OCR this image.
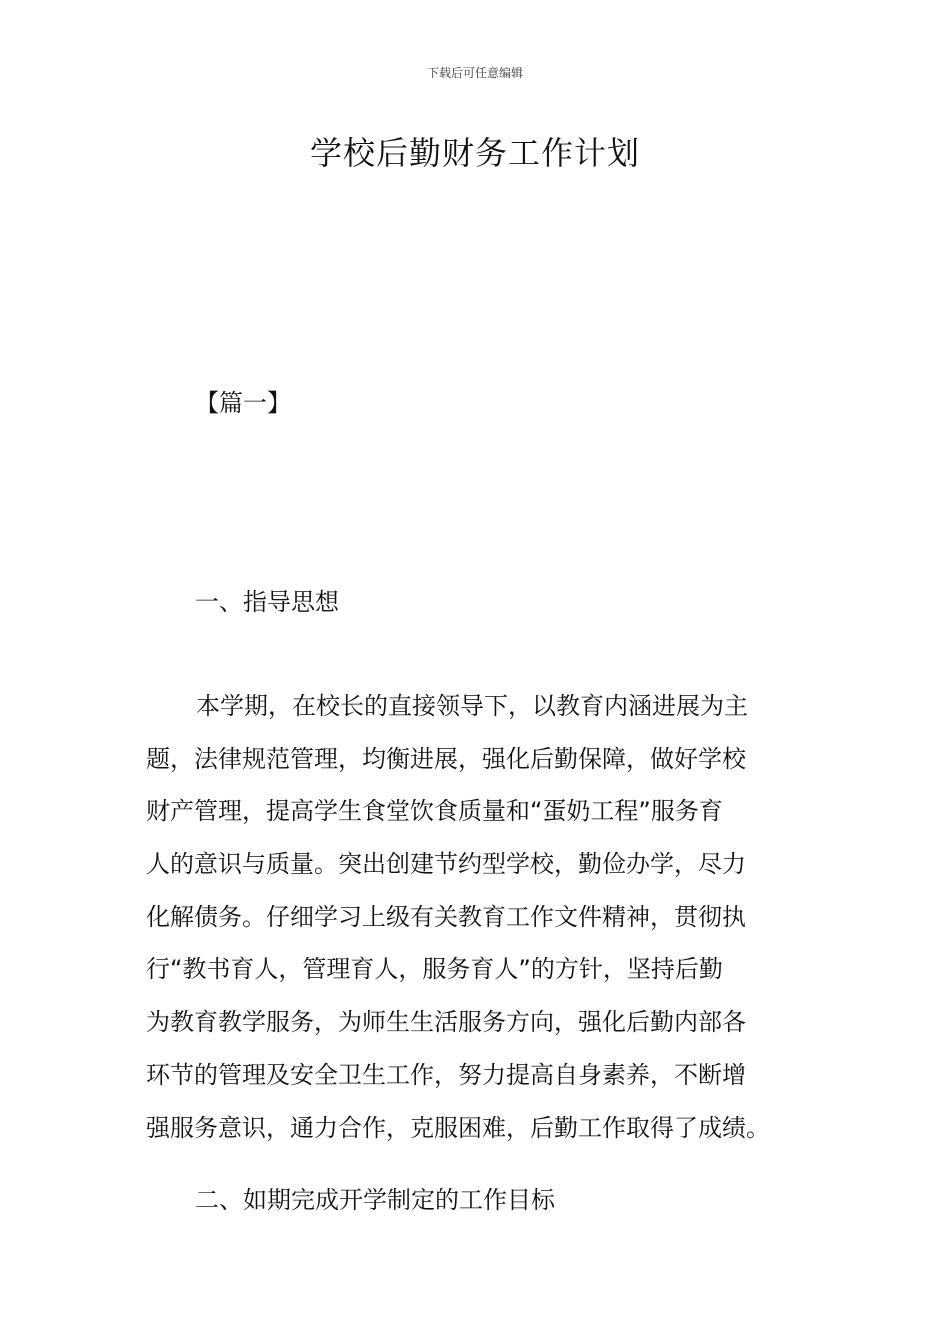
下载后可任意编辑
学校后勤财务工作计划
【篇一】
一、指导思想
本学期，在校长的直接领导下，以教育内涵进展为主
题，法律规范管理，均衡进展，强化后勤保障，做好学校
财产管理，提高学生食堂饮食质量和“蛋奶工程”服务育
人的意识与质量。突出创建节约型学校，勤俭办学，尽力
化解债务。仔细学习上级有关教育工作文件精神，贯彻执
行“教书育人，管理育人，服务育人”的方针，坚持后勤
为教育教学服务，为师生生活服务方向，强化后勤内部各
环节的管理及安全卫生工作，努力提高自身素养，不断增
强服务意识，通力合作，克服困难，后勤工作取得了成绩。
二、如期完成开学制定的工作目标
